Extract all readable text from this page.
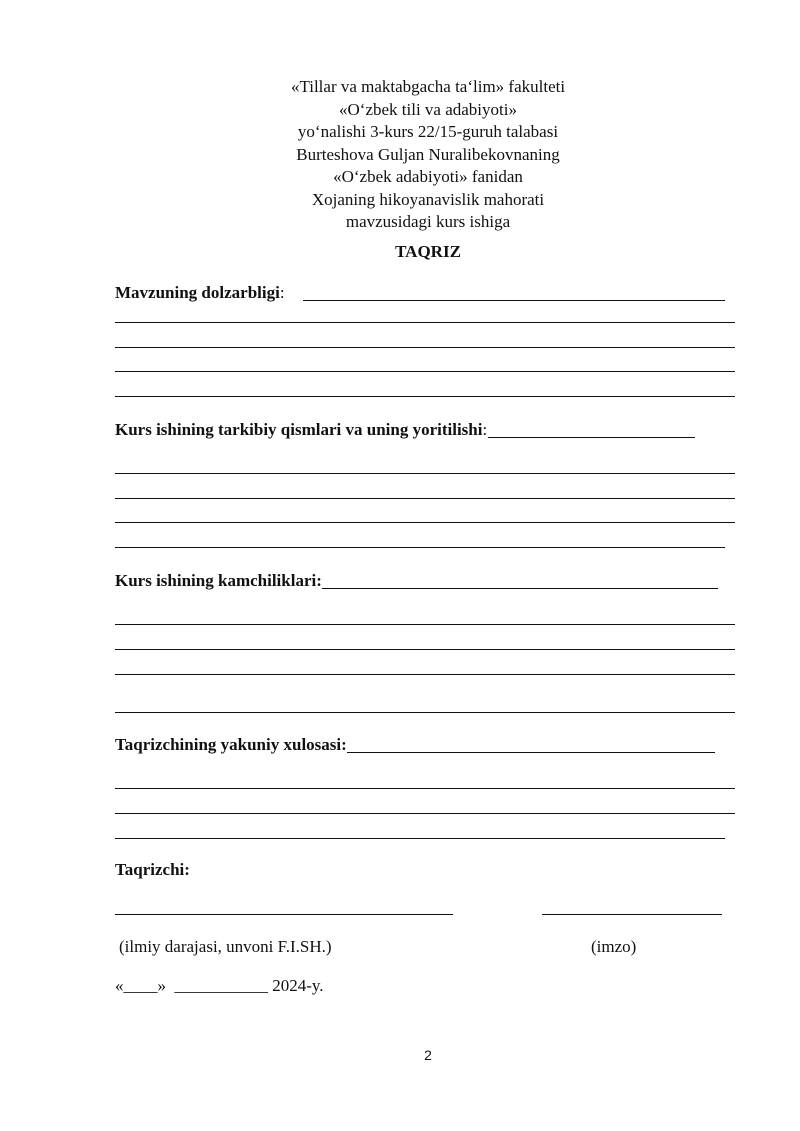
«Tillar va maktabgacha ta‘lim» fakulteti
«O‘zbek tili va adabiyoti»
yo‘nalishi 3-kurs 22/15-guruh talabasi
Burteshova Guljan Nuralibekovnaning
«O‘zbek adabiyoti» fanidan
Xojaning hikoyanavislik mahorati
mavzusidagi kurs ishiga
TAQRIZ
Mavzuning dolzarbligi :
Kurs ishining tarkibiy qismlari va uning yoritilishi :
Kurs ishining kamchiliklari:
Taqrizchining yakuniy xulosasi:
Taqrizchi:
(ilmiy darajasi, unvoni F.I.SH.)	(imzo)
«____» ___________ 2024-y.
2
